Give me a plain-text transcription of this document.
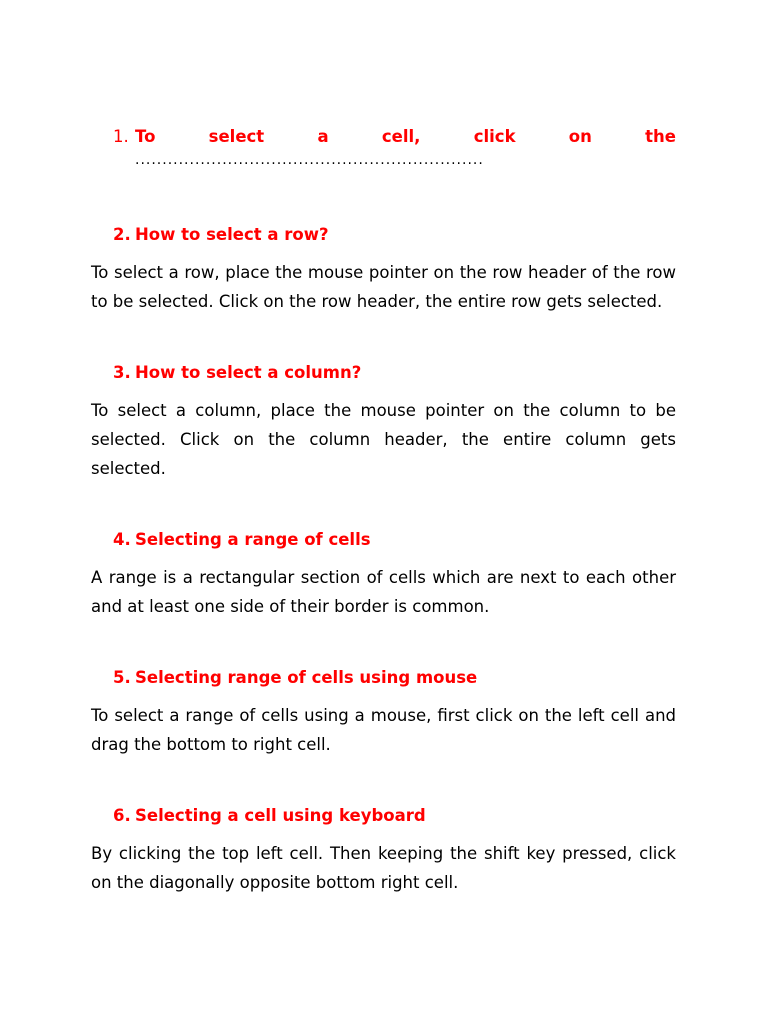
1. To select a cell, click on the
................................................................
2. How to select a row?

To select a row, place the mouse pointer on the row header of the row to be selected. Click on the row header, the entire row gets selected.

3. How to select a column?

To select a column, place the mouse pointer on the column to be selected. Click on the column header, the entire column gets selected.

4. Selecting a range of cells

A range is a rectangular section of cells which are next to each other and at least one side of their border is common.

5. Selecting range of cells using mouse

To select a range of cells using a mouse, first click on the left cell and drag the bottom to right cell.

6. Selecting a cell using keyboard

By clicking the top left cell. Then keeping the shift key pressed, click on the diagonally opposite bottom right cell.
